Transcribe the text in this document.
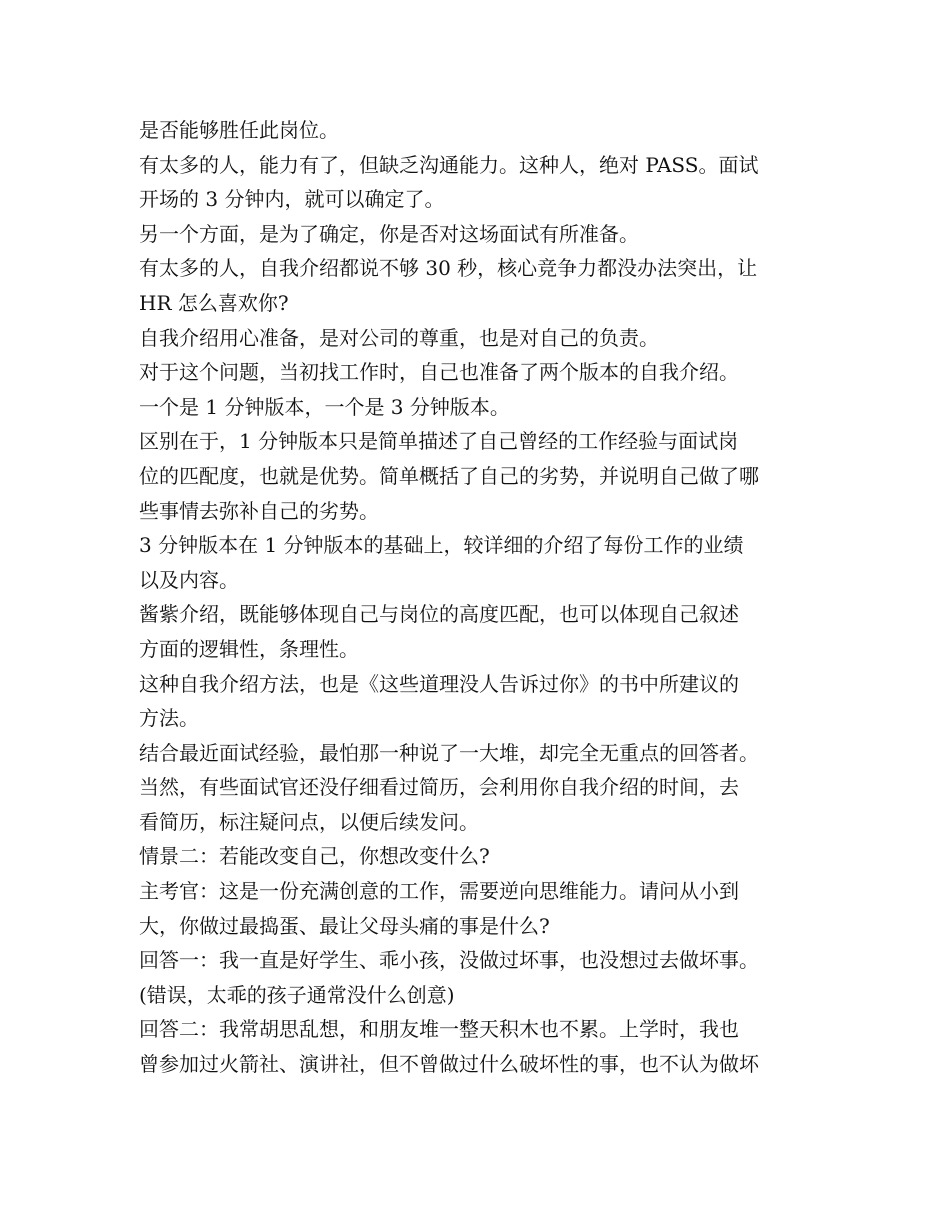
是否能够胜任此岗位。

有太多的人，能力有了，但缺乏沟通能力。这种人，绝对 PASS。面试

开场的 3 分钟内，就可以确定了。

另一个方面，是为了确定，你是否对这场面试有所准备。

有太多的人，自我介绍都说不够 30 秒，核心竞争力都没办法突出，让

HR 怎么喜欢你?

自我介绍用心准备，是对公司的尊重，也是对自己的负责。

对于这个问题，当初找工作时，自己也准备了两个版本的自我介绍。

一个是 1 分钟版本，一个是 3 分钟版本。

区别在于，1 分钟版本只是简单描述了自己曾经的工作经验与面试岗

位的匹配度，也就是优势。简单概括了自己的劣势，并说明自己做了哪

些事情去弥补自己的劣势。

3 分钟版本在 1 分钟版本的基础上，较详细的介绍了每份工作的业绩

以及内容。

酱紫介绍，既能够体现自己与岗位的高度匹配，也可以体现自己叙述

方面的逻辑性，条理性。

这种自我介绍方法，也是《这些道理没人告诉过你》的书中所建议的

方法。

结合最近面试经验，最怕那一种说了一大堆，却完全无重点的回答者。

当然，有些面试官还没仔细看过简历，会利用你自我介绍的时间，去

看简历，标注疑问点，以便后续发问。

情景二：若能改变自己，你想改变什么?

主考官：这是一份充满创意的工作，需要逆向思维能力。请问从小到

大，你做过最捣蛋、最让父母头痛的事是什么?

回答一：我一直是好学生、乖小孩，没做过坏事，也没想过去做坏事。

(错误，太乖的孩子通常没什么创意)

回答二：我常胡思乱想，和朋友堆一整天积木也不累。上学时，我也

曾参加过火箭社、演讲社，但不曾做过什么破坏性的事，也不认为做坏
